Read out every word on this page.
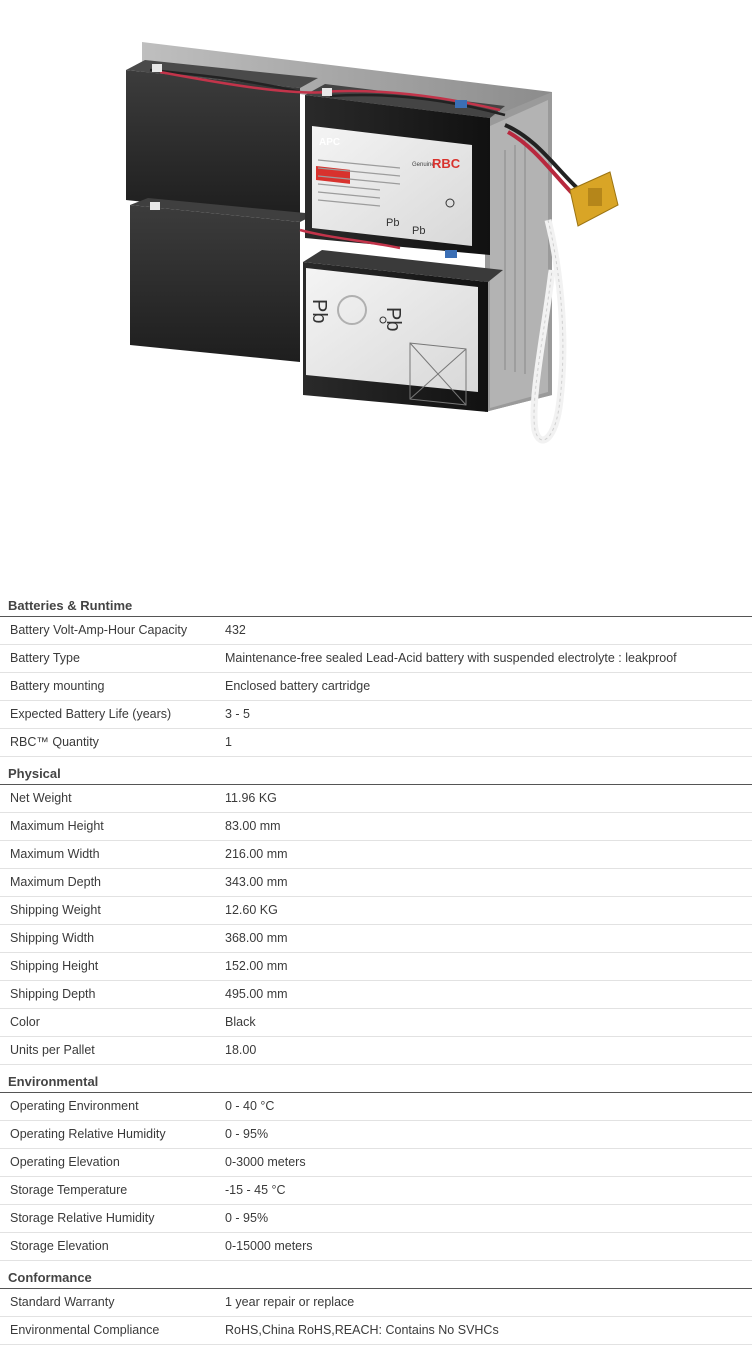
APC
Genuine
RBC
Pb
Pb
Pb	Pb
Batteries & Runtime
Battery Volt-Amp-Hour Capacity	432
Battery Type	Maintenance-free sealed Lead-Acid battery with suspended electrolyte : leakproof
Battery mounting	Enclosed battery cartridge
Expected Battery Life (years)	3 - 5
RBC™ Quantity	1
Physical
Net Weight	11.96 KG
Maximum Height	83.00 mm
Maximum Width	216.00 mm
Maximum Depth	343.00 mm
Shipping Weight	12.60 KG
Shipping Width	368.00 mm
Shipping Height	152.00 mm
Shipping Depth	495.00 mm
Color	Black
Units per Pallet	18.00
Environmental
Operating Environment	0 - 40 °C
Operating Relative Humidity	0 - 95%
Operating Elevation	0-3000 meters
Storage Temperature	-15 - 45 °C
Storage Relative Humidity	0 - 95%
Storage Elevation	0-15000 meters
Conformance
Standard Warranty	1 year repair or replace
Environmental Compliance	RoHS,China RoHS,REACH: Contains No SVHCs
